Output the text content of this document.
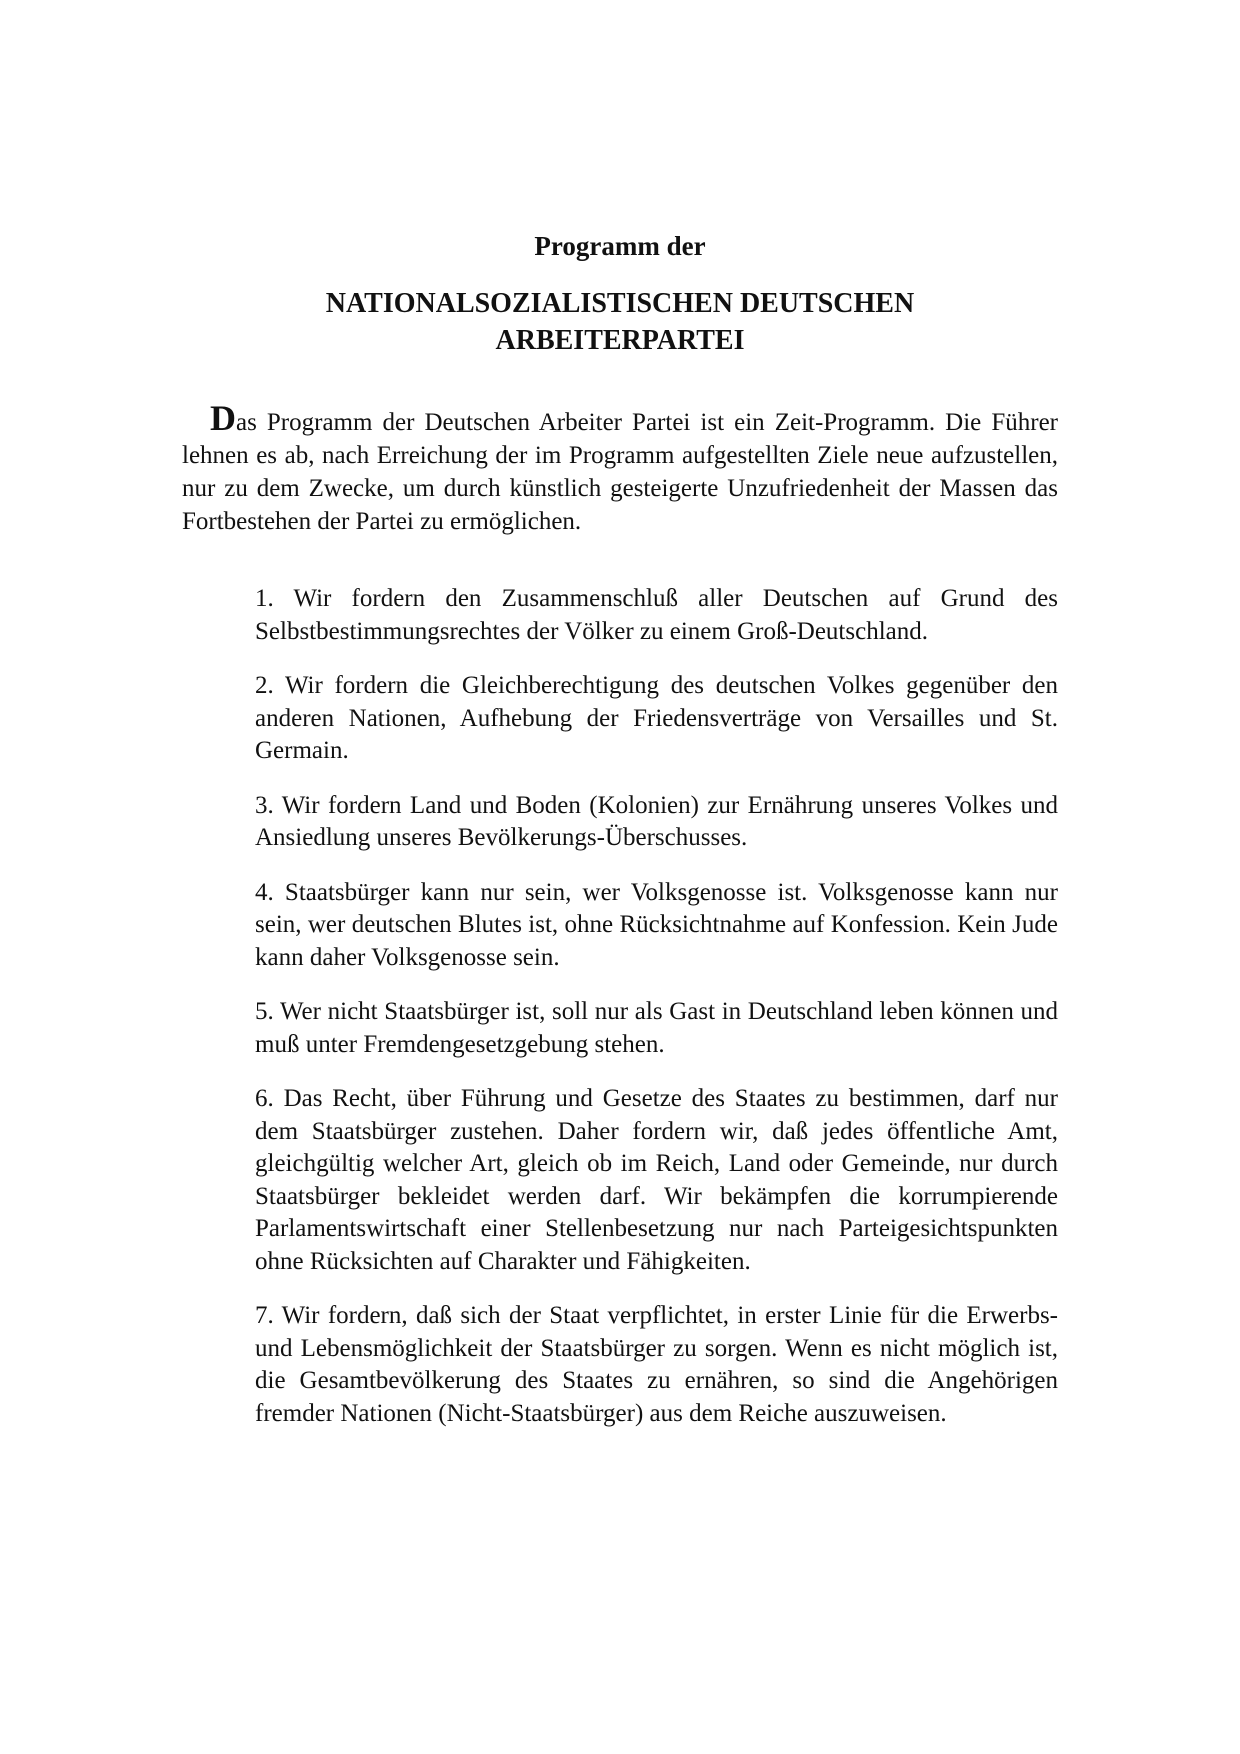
Programm der
NATIONALSOZIALISTISCHEN DEUTSCHEN
ARBEITERPARTEI

Das Programm der Deutschen Arbeiter Partei ist ein Zeit-Programm. Die Führer lehnen es ab, nach Erreichung der im Programm aufgestellten Ziele neue aufzustellen, nur zu dem Zwecke, um durch künstlich gesteigerte Unzufriedenheit der Massen das Fortbestehen der Partei zu ermöglichen.

1. Wir fordern den Zusammenschluß aller Deutschen auf Grund des Selbstbestimmungsrechtes der Völker zu einem Groß-Deutschland.

2. Wir fordern die Gleichberechtigung des deutschen Volkes gegenüber den anderen Nationen, Aufhebung der Friedensverträge von Versailles und St. Germain.

3. Wir fordern Land und Boden (Kolonien) zur Ernährung unseres Volkes und Ansiedlung unseres Bevölkerungs-Überschusses.

4. Staatsbürger kann nur sein, wer Volksgenosse ist. Volksgenosse kann nur sein, wer deutschen Blutes ist, ohne Rücksichtnahme auf Konfession. Kein Jude kann daher Volksgenosse sein.

5. Wer nicht Staatsbürger ist, soll nur als Gast in Deutschland leben können und muß unter Fremdengesetzgebung stehen.

6. Das Recht, über Führung und Gesetze des Staates zu bestimmen, darf nur dem Staatsbürger zustehen. Daher fordern wir, daß jedes öffentliche Amt, gleichgültig welcher Art, gleich ob im Reich, Land oder Gemeinde, nur durch Staatsbürger bekleidet werden darf. Wir bekämpfen die korrumpierende Parlamentswirtschaft einer Stellenbesetzung nur nach Parteigesichtspunkten ohne Rücksichten auf Charakter und Fähigkeiten.

7. Wir fordern, daß sich der Staat verpflichtet, in erster Linie für die Erwerbs- und Lebensmöglichkeit der Staatsbürger zu sorgen. Wenn es nicht möglich ist, die Gesamtbevölkerung des Staates zu ernähren, so sind die Angehörigen fremder Nationen (Nicht-Staatsbürger) aus dem Reiche auszuweisen.
